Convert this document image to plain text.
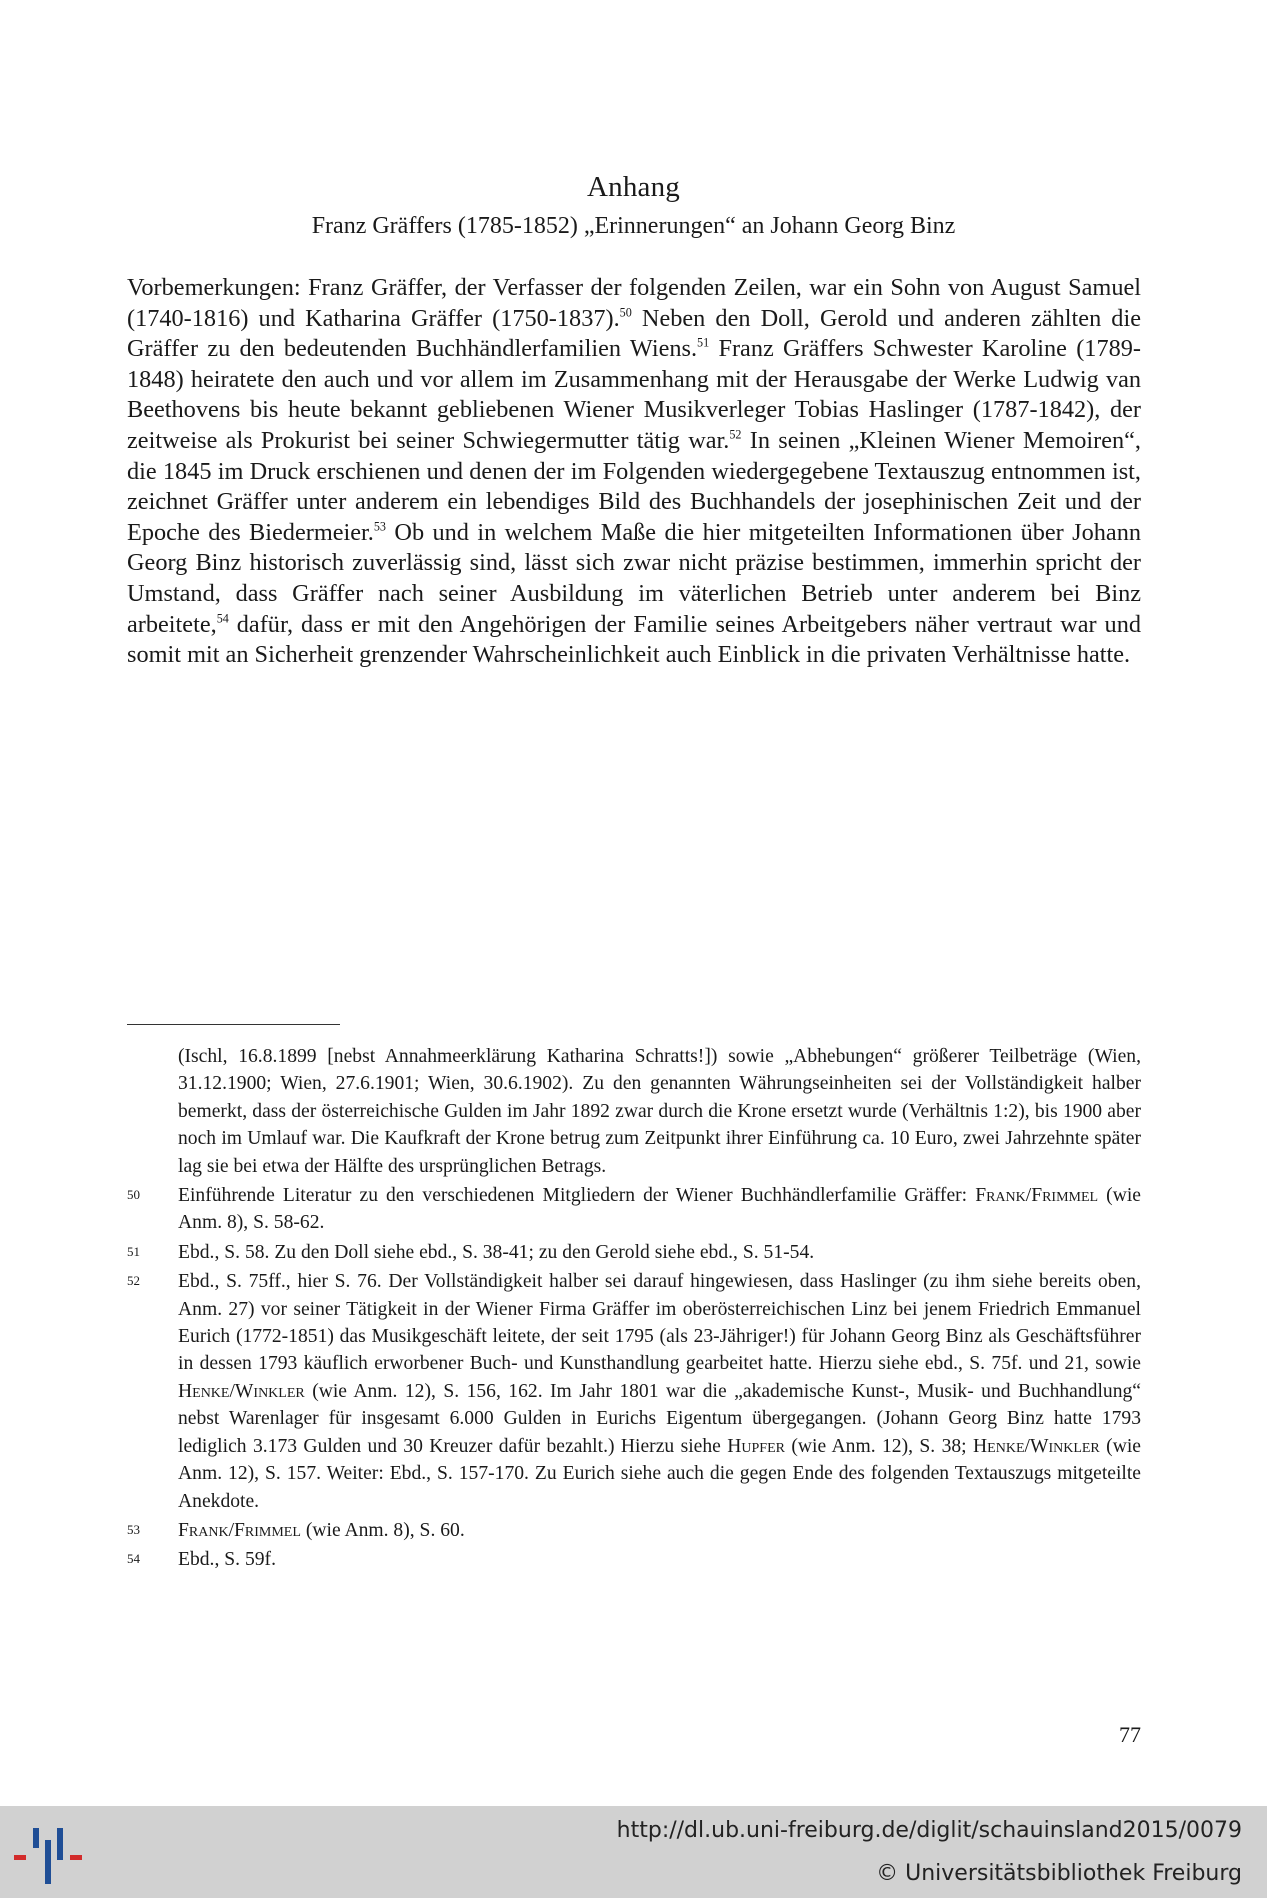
Anhang
Franz Gräffers (1785-1852) „Erinnerungen“ an Johann Georg Binz

Vorbemerkungen: Franz Gräffer, der Verfasser der folgenden Zeilen, war ein Sohn von August Samuel (1740-1816) und Katharina Gräffer (1750-1837).$^{50}$ Neben den Doll, Gerold und anderen zählten die Gräffer zu den bedeutenden Buchhändlerfamilien Wiens.$^{51}$ Franz Gräffers Schwester Karoline (1789-1848) heiratete den auch und vor allem im Zusammenhang mit der Herausgabe der Werke Ludwig van Beethovens bis heute bekannt gebliebenen Wiener Musikverleger Tobias Haslinger (1787-1842), der zeitweise als Prokurist bei seiner Schwiegermutter tätig war.$^{52}$ In seinen „Kleinen Wiener Memoiren“, die 1845 im Druck erschienen und denen der im Folgenden wiedergegebene Textauszug entnommen ist, zeichnet Gräffer unter anderem ein lebendiges Bild des Buchhandels der josephinischen Zeit und der Epoche des Biedermeier.$^{53}$ Ob und in welchem Maße die hier mitgeteilten Informationen über Johann Georg Binz historisch zuverlässig sind, lässt sich zwar nicht präzise bestimmen, immerhin spricht der Umstand, dass Gräffer nach seiner Ausbildung im väterlichen Betrieb unter anderem bei Binz arbeitete,$^{54}$ dafür, dass er mit den Angehörigen der Familie seines Arbeitgebers näher vertraut war und somit mit an Sicherheit grenzender Wahrscheinlichkeit auch Einblick in die privaten Verhältnisse hatte.

(Ischl, 16.8.1899 [nebst Annahmeerklärung Katharina Schratts!]) sowie „Abhebungen“ größerer Teilbeträge (Wien, 31.12.1900; Wien, 27.6.1901; Wien, 30.6.1902). Zu den genannten Währungseinheiten sei der Vollständigkeit halber bemerkt, dass der österreichische Gulden im Jahr 1892 zwar durch die Krone ersetzt wurde (Verhältnis 1:2), bis 1900 aber noch im Umlauf war. Die Kaufkraft der Krone betrug zum Zeitpunkt ihrer Einführung ca. 10 Euro, zwei Jahrzehnte später lag sie bei etwa der Hälfte des ursprünglichen Betrags.
50 Einführende Literatur zu den verschiedenen Mitgliedern der Wiener Buchhändlerfamilie Gräffer: Frank/Frimmel (wie Anm. 8), S. 58-62.
51 Ebd., S. 58. Zu den Doll siehe ebd., S. 38-41; zu den Gerold siehe ebd., S. 51-54.
52 Ebd., S. 75ff., hier S. 76. Der Vollständigkeit halber sei darauf hingewiesen, dass Haslinger (zu ihm siehe bereits oben, Anm. 27) vor seiner Tätigkeit in der Wiener Firma Gräffer im oberösterreichischen Linz bei jenem Friedrich Emmanuel Eurich (1772-1851) das Musikgeschäft leitete, der seit 1795 (als 23-Jähriger!) für Johann Georg Binz als Geschäftsführer in dessen 1793 käuflich erworbener Buch- und Kunsthandlung gearbeitet hatte. Hierzu siehe ebd., S. 75f. und 21, sowie Henke/Winkler (wie Anm. 12), S. 156, 162. Im Jahr 1801 war die „akademische Kunst-, Musik- und Buchhandlung“ nebst Warenlager für insgesamt 6.000 Gulden in Eurichs Eigentum übergegangen. (Johann Georg Binz hatte 1793 lediglich 3.173 Gulden und 30 Kreuzer dafür bezahlt.) Hierzu siehe Hupfer (wie Anm. 12), S. 38; Henke/Winkler (wie Anm. 12), S. 157. Weiter: Ebd., S. 157-170. Zu Eurich siehe auch die gegen Ende des folgenden Textauszugs mitgeteilte Anekdote.
53 Frank/Frimmel (wie Anm. 8), S. 60.
54 Ebd., S. 59f.
77
http://dl.ub.uni-freiburg.de/diglit/schauinsland2015/0079
© Universitätsbibliothek Freiburg
